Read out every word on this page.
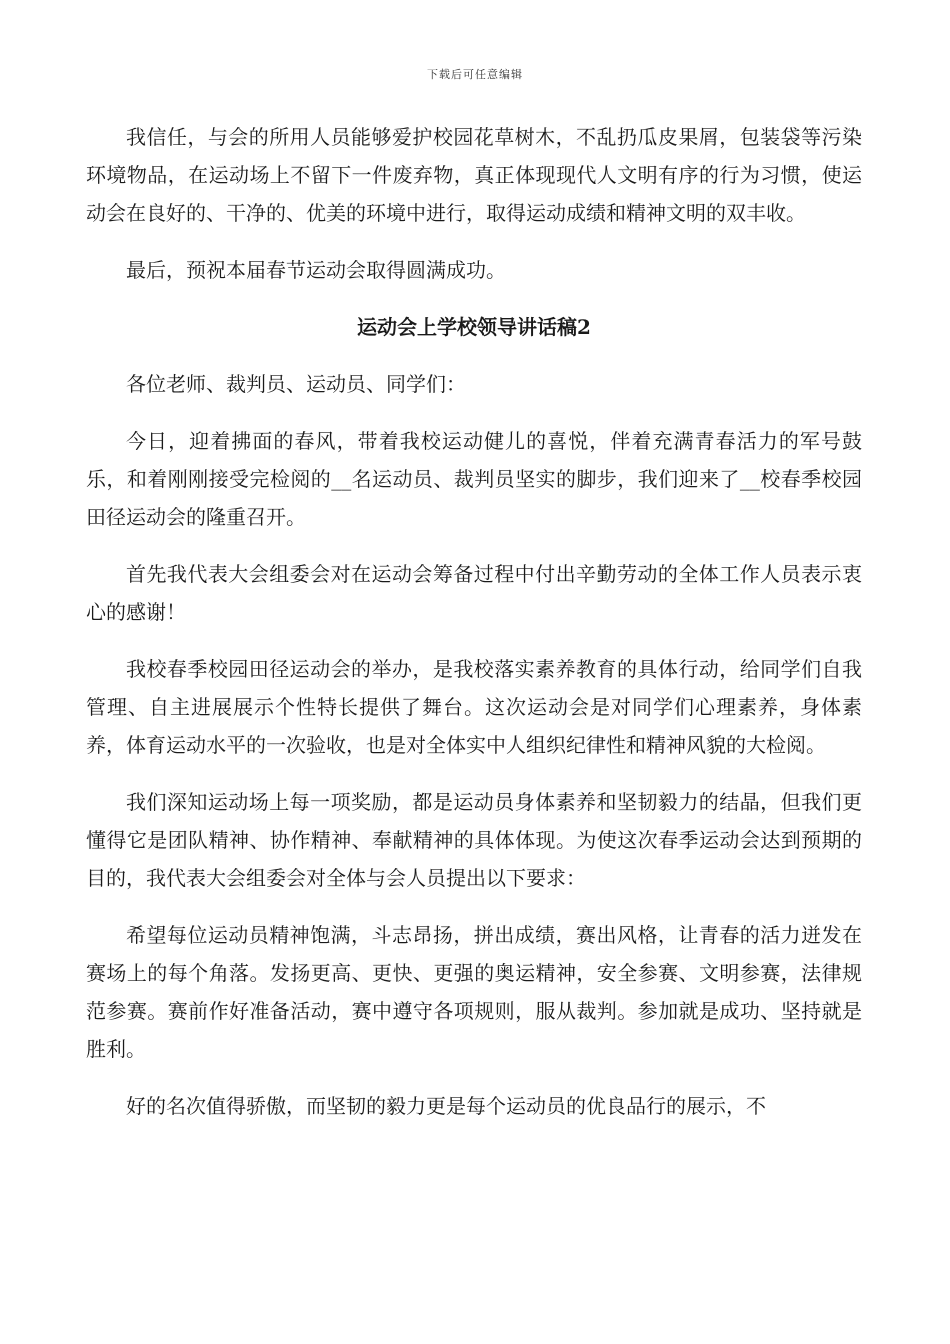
下载后可任意编辑

我信任，与会的所用人员能够爱护校园花草树木，不乱扔瓜皮果屑，包装袋等污染环境物品，在运动场上不留下一件废弃物，真正体现现代人文明有序的行为习惯，使运动会在良好的、干净的、优美的环境中进行，取得运动成绩和精神文明的双丰收。

最后，预祝本届春节运动会取得圆满成功。

运动会上学校领导讲话稿2

各位老师、裁判员、运动员、同学们：

今日，迎着拂面的春风，带着我校运动健儿的喜悦，伴着充满青春活力的军号鼓乐，和着刚刚接受完检阅的__名运动员、裁判员坚实的脚步，我们迎来了__校春季校园田径运动会的隆重召开。

首先我代表大会组委会对在运动会筹备过程中付出辛勤劳动的全体工作人员表示衷心的感谢！

我校春季校园田径运动会的举办，是我校落实素养教育的具体行动，给同学们自我管理、自主进展展示个性特长提供了舞台。这次运动会是对同学们心理素养，身体素养，体育运动水平的一次验收，也是对全体实中人组织纪律性和精神风貌的大检阅。

我们深知运动场上每一项奖励，都是运动员身体素养和坚韧毅力的结晶，但我们更懂得它是团队精神、协作精神、奉献精神的具体体现。为使这次春季运动会达到预期的目的，我代表大会组委会对全体与会人员提出以下要求：

希望每位运动员精神饱满，斗志昂扬，拼出成绩，赛出风格，让青春的活力迸发在赛场上的每个角落。发扬更高、更快、更强的奥运精神，安全参赛、文明参赛，法律规范参赛。赛前作好准备活动，赛中遵守各项规则，服从裁判。参加就是成功、坚持就是胜利。

好的名次值得骄傲，而坚韧的毅力更是每个运动员的优良品行的展示，不
